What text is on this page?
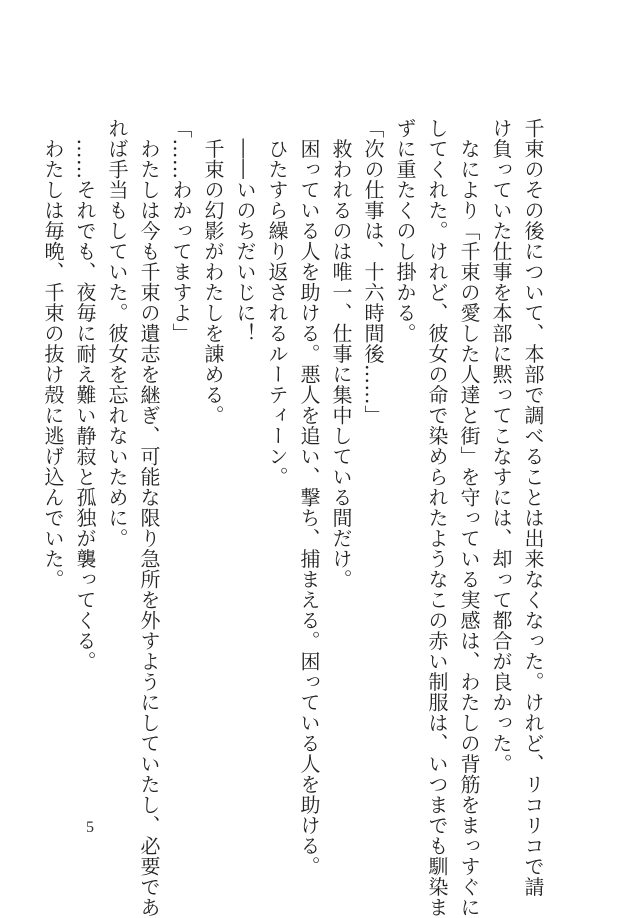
千束のその後について、本部で調べることは出来なくなった。けれど、リコリコで請
け負っていた仕事を本部に黙ってこなすには、却って都合が良かった。
　なにより「千束の愛した人達と街」を守っている実感は、わたしの背筋をまっすぐに
してくれた。けれど、彼女の命で染められたようなこの赤い制服は、いつまでも馴染ま
ずに重たくのし掛かる。
「次の仕事は、十六時間後……」
　救われるのは唯一、仕事に集中している間だけ。
　困っている人を助ける。悪人を追い、撃ち、捕まえる。困っている人を助ける。
　ひたすら繰り返されるルーティーン。
　――いのちだいじに！
　千束の幻影がわたしを諌める。
「……わかってますよ」
　わたしは今も千束の遺志を継ぎ、可能な限り急所を外すようにしていたし、必要であ
れば手当もしていた。彼女を忘れないために。
　……それでも、夜毎に耐え難い静寂と孤独が襲ってくる。
　わたしは毎晩、千束の抜け殻に逃げ込んでいた。
5
